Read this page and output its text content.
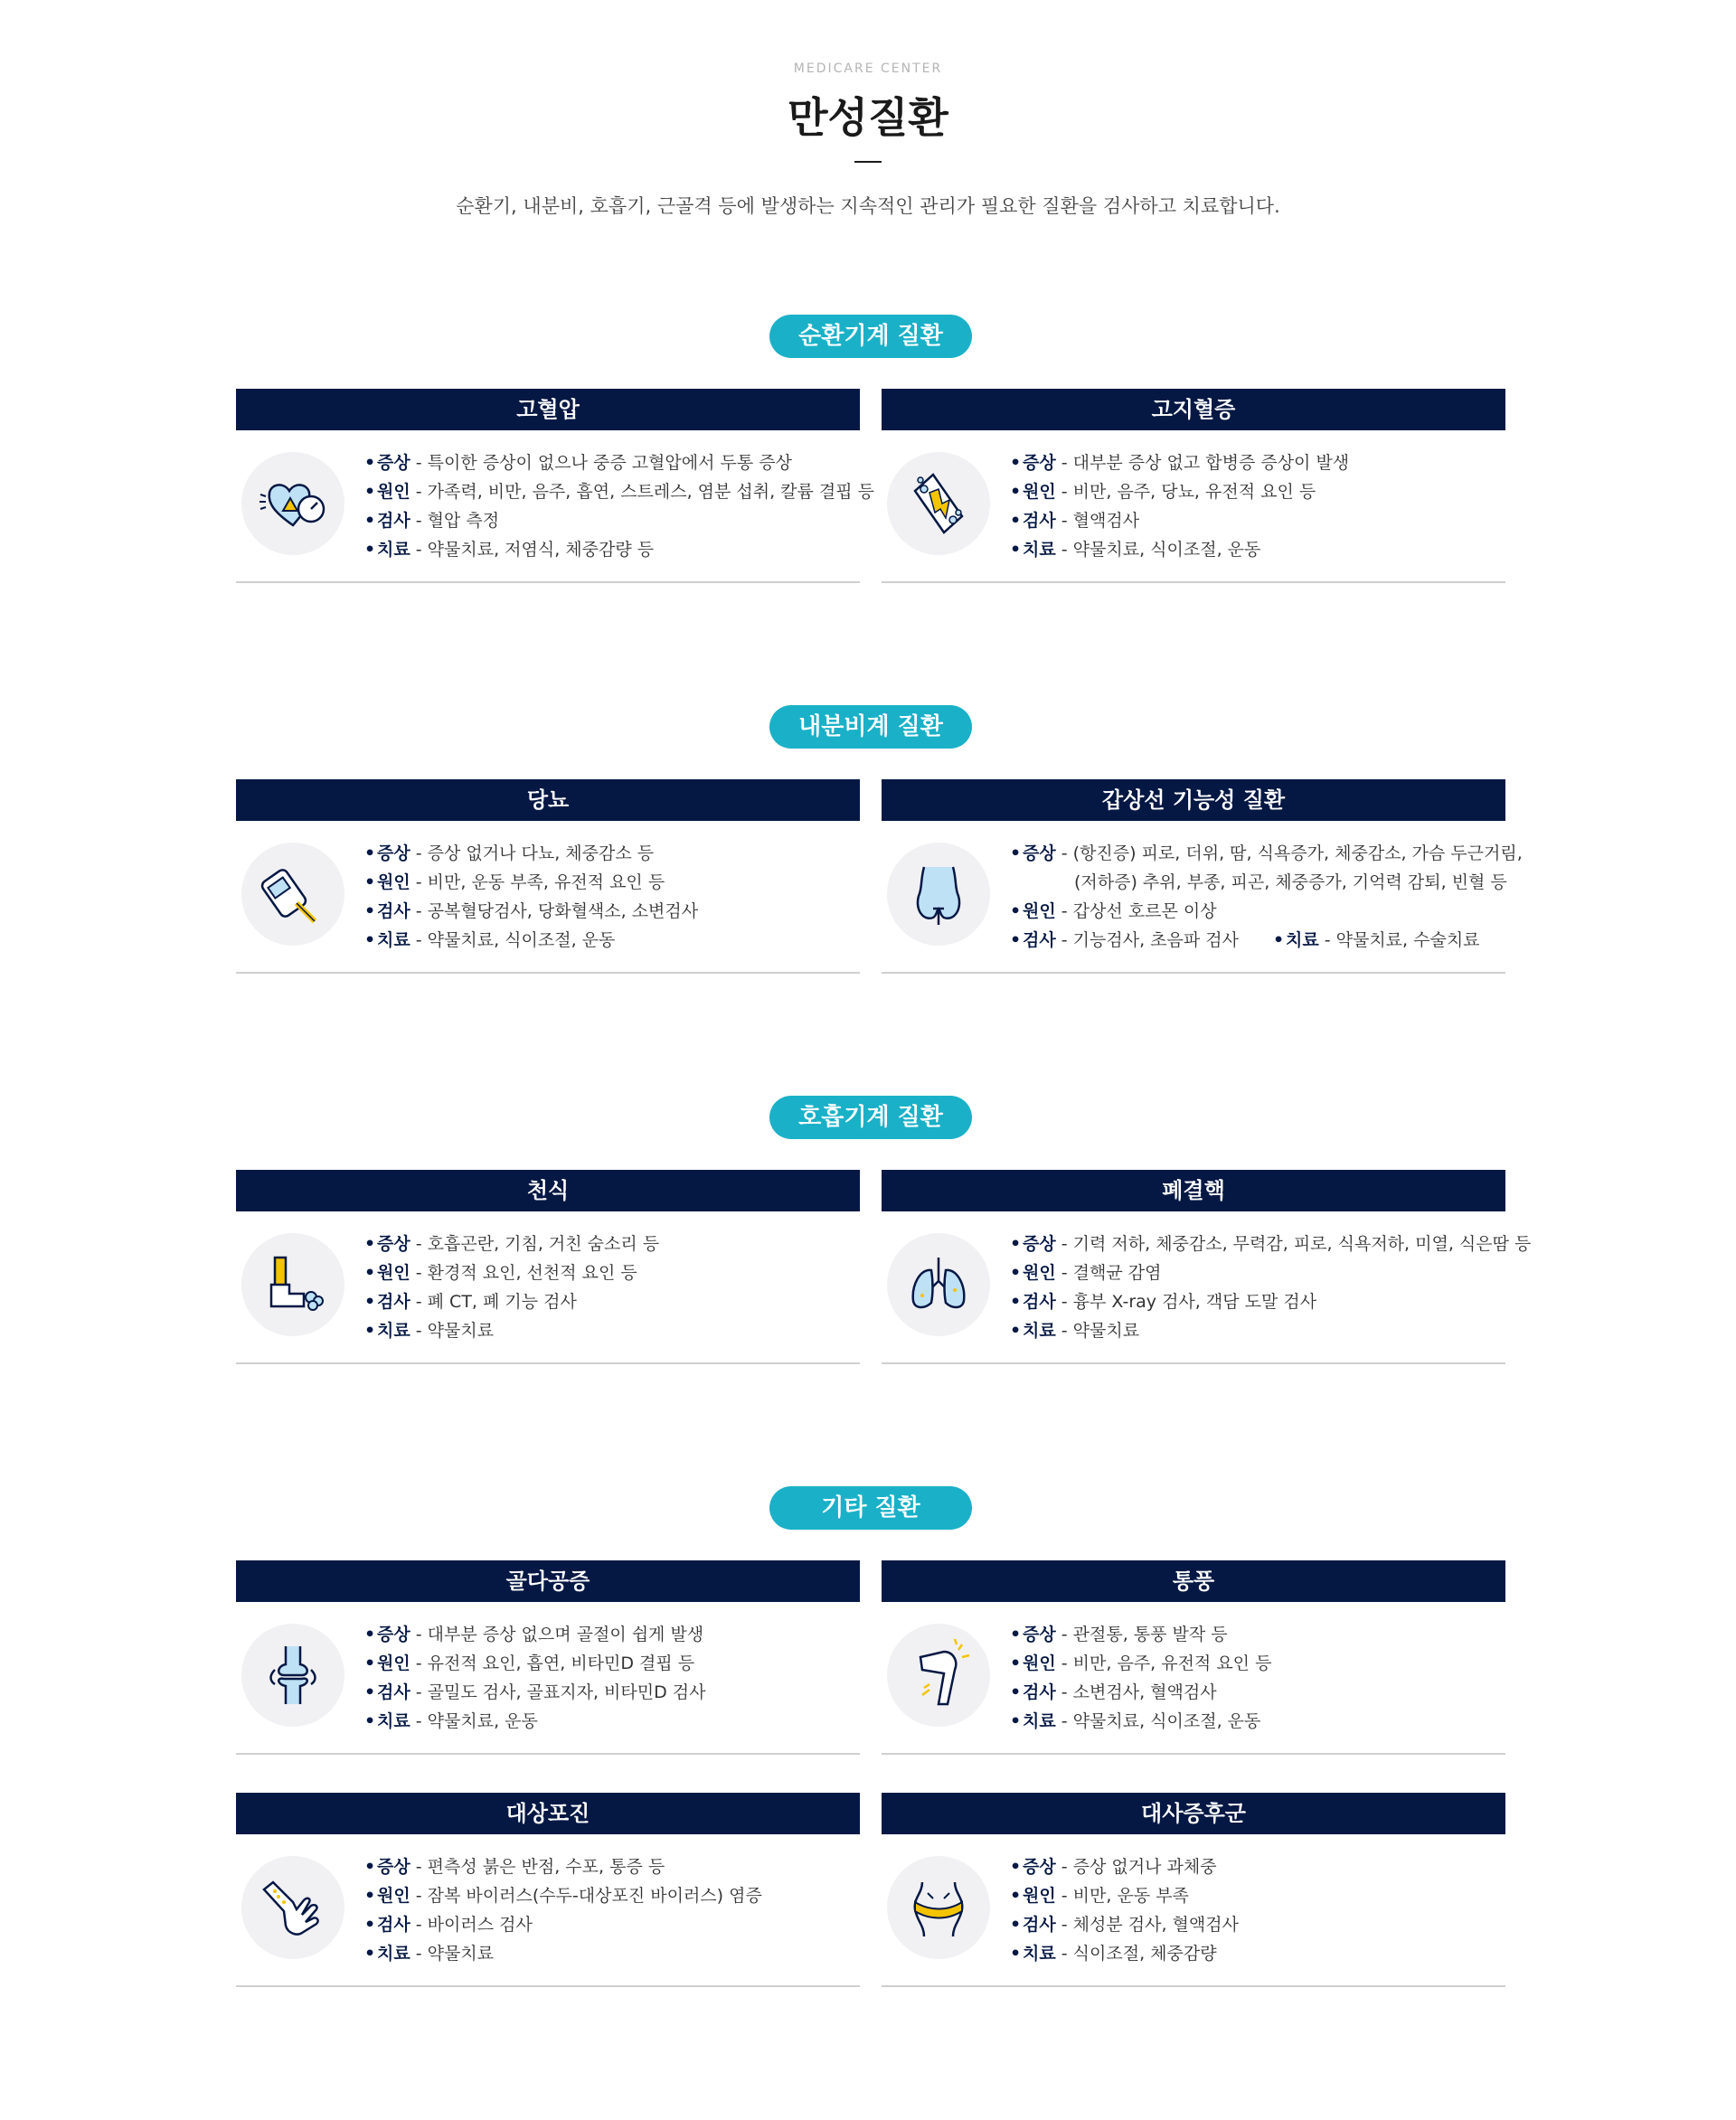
MEDICARE CENTER
만성질환
순환기, 내분비, 호흡기, 근골격 등에 발생하는 지속적인 관리가 필요한 질환을 검사하고 치료합니다.
순환기계 질환
고혈압
• 증상 - 특이한 증상이 없으나 중증 고혈압에서 두통 증상
• 원인 - 가족력, 비만, 음주, 흡연, 스트레스, 염분 섭취, 칼륨 결핍 등
• 검사 - 혈압 측정
• 치료 - 약물치료, 저염식, 체중감량 등
고지혈증
• 증상 - 대부분 증상 없고 합병증 증상이 발생
• 원인 - 비만, 음주, 당뇨, 유전적 요인 등
• 검사 - 혈액검사
• 치료 - 약물치료, 식이조절, 운동
내분비계 질환
당뇨
• 증상 - 증상 없거나 다뇨, 체중감소 등
• 원인 - 비만, 운동 부족, 유전적 요인 등
• 검사 - 공복혈당검사, 당화혈색소, 소변검사
• 치료 - 약물치료, 식이조절, 운동
갑상선 기능성 질환
• 증상 - (항진증) 피로, 더위, 땀, 식욕증가, 체중감소, 가슴 두근거림,
(저하증) 추위, 부종, 피곤, 체중증가, 기억력 감퇴, 빈혈 등
• 원인 - 갑상선 호르몬 이상
• 검사 - 기능검사, 초음파 검사•	치료 - 약물치료, 수술치료
호흡기계 질환
천식
• 증상 - 호흡곤란, 기침, 거친 숨소리 등
• 원인 - 환경적 요인, 선천적 요인 등
• 검사 - 폐 CT, 폐 기능 검사
• 치료 - 약물치료
폐결핵
• 증상 - 기력 저하, 체중감소, 무력감, 피로, 식욕저하, 미열, 식은땀 등
• 원인 - 결핵균 감염
• 검사 - 흉부 X-ray 검사, 객담 도말 검사
• 치료 - 약물치료
기타 질환
골다공증
• 증상 - 대부분 증상 없으며 골절이 쉽게 발생
• 원인 - 유전적 요인, 흡연, 비타민D 결핍 등
• 검사 - 골밀도 검사, 골표지자, 비타민D 검사
• 치료 - 약물치료, 운동
통풍
• 증상 - 관절통, 통풍 발작 등
• 원인 - 비만, 음주, 유전적 요인 등
• 검사 - 소변검사, 혈액검사
• 치료 - 약물치료, 식이조절, 운동
대상포진
• 증상 - 편측성 붉은 반점, 수포, 통증 등
• 원인 - 잠복 바이러스(수두-대상포진 바이러스) 염증
• 검사 - 바이러스 검사
• 치료 - 약물치료
대사증후군
• 증상 - 증상 없거나 과체중
• 원인 - 비만, 운동 부족
• 검사 - 체성분 검사, 혈액검사
• 치료 - 식이조절, 체중감량
